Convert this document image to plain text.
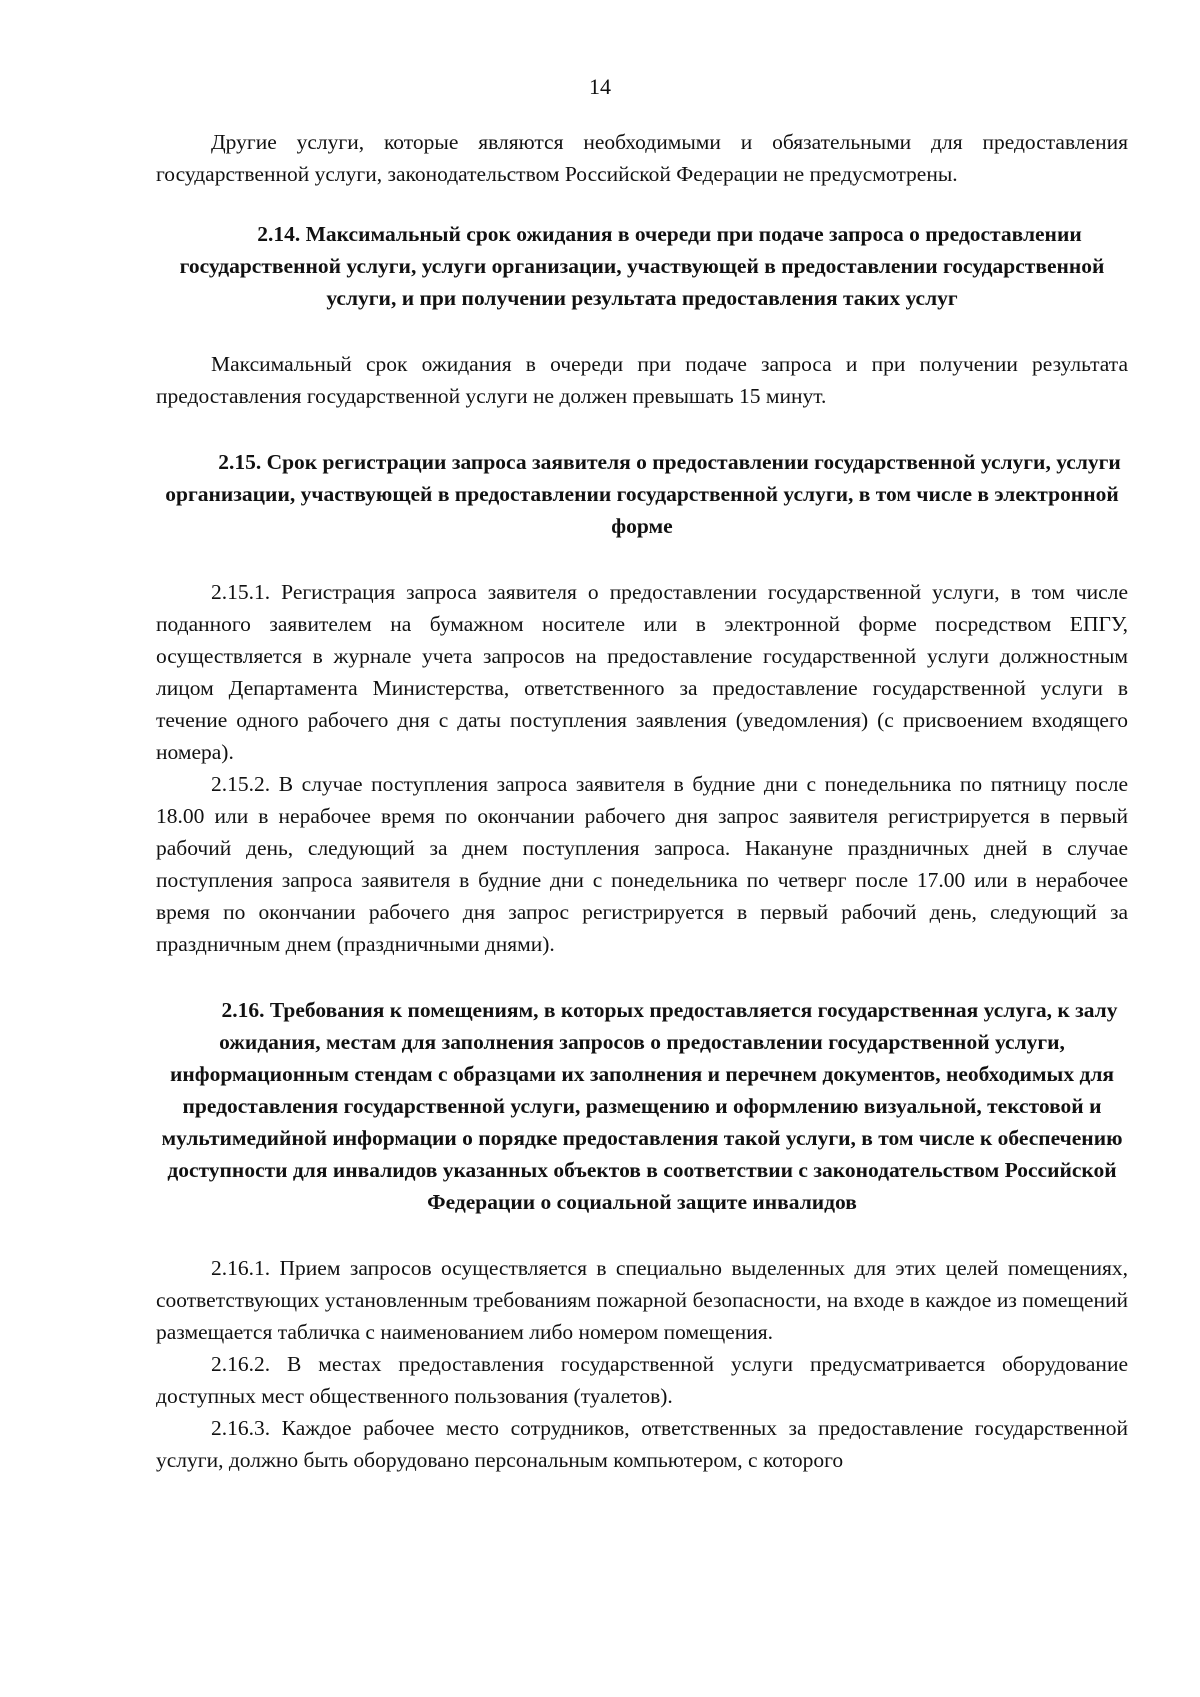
14

Другие услуги, которые являются необходимыми и обязательными для предоставления государственной услуги, законодательством Российской Федерации не предусмотрены.

2.14. Максимальный срок ожидания в очереди при подаче запроса о предоставлении государственной услуги, услуги организации, участвующей в предоставлении государственной услуги, и при получении результата предоставления таких услуг

Максимальный срок ожидания в очереди при подаче запроса и при получении результата предоставления государственной услуги не должен превышать 15 минут.

2.15. Срок регистрации запроса заявителя о предоставлении государственной услуги, услуги организации, участвующей в предоставлении государственной услуги, в том числе в электронной форме

2.15.1. Регистрация запроса заявителя о предоставлении государственной услуги, в том числе поданного заявителем на бумажном носителе или в электронной форме посредством ЕПГУ, осуществляется в журнале учета запросов на предоставление государственной услуги должностным лицом Департамента Министерства, ответственного за предоставление государственной услуги в течение одного рабочего дня с даты поступления заявления (уведомления) (с присвоением входящего номера).

2.15.2. В случае поступления запроса заявителя в будние дни с понедельника по пятницу после 18.00 или в нерабочее время по окончании рабочего дня запрос заявителя регистрируется в первый рабочий день, следующий за днем поступления запроса. Накануне праздничных дней в случае поступления запроса заявителя в будние дни с понедельника по четверг после 17.00 или в нерабочее время по окончании рабочего дня запрос регистрируется в первый рабочий день, следующий за праздничным днем (праздничными днями).

2.16. Требования к помещениям, в которых предоставляется государственная услуга, к залу ожидания, местам для заполнения запросов о предоставлении государственной услуги, информационным стендам с образцами их заполнения и перечнем документов, необходимых для предоставления государственной услуги, размещению и оформлению визуальной, текстовой и мультимедийной информации о порядке предоставления такой услуги, в том числе к обеспечению доступности для инвалидов указанных объектов в соответствии с законодательством Российской Федерации о социальной защите инвалидов

2.16.1. Прием запросов осуществляется в специально выделенных для этих целей помещениях, соответствующих установленным требованиям пожарной безопасности, на входе в каждое из помещений размещается табличка с наименованием либо номером помещения.

2.16.2. В местах предоставления государственной услуги предусматривается оборудование доступных мест общественного пользования (туалетов).

2.16.3. Каждое рабочее место сотрудников, ответственных за предоставление государственной услуги, должно быть оборудовано персональным компьютером, с которого
